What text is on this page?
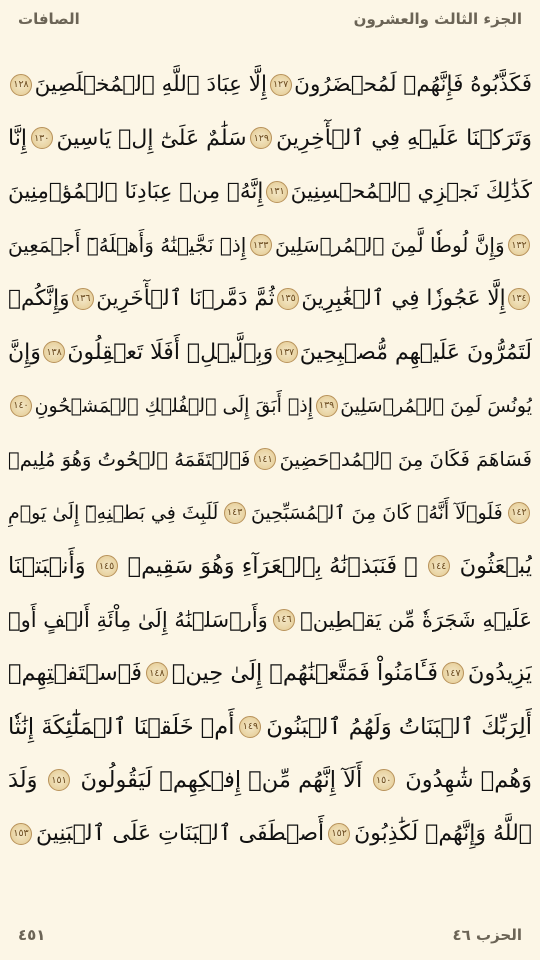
الجزء الثالث والعشرون
الصافات
فَكَذَّبُوهُ فَإِنَّهُمۡ لَمُحۡضَرُونَ
١٢٧
إِلَّا عِبَادَ ٱللَّهِ ٱلۡمُخۡلَصِينَ
١٢٨
وَتَرَكۡنَا عَلَيۡهِ فِي ٱلۡأٓخِرِينَ
١٢٩
سَلَٰمٌ عَلَىٰٓ إِلۡ يَاسِينَ
١٣٠
إِنَّا
كَذَٰلِكَ نَجۡزِي ٱلۡمُحۡسِنِينَ
١٣١
إِنَّهُۥ مِنۡ عِبَادِنَا ٱلۡمُؤۡمِنِينَ
١٣٢
وَإِنَّ لُوطٗا لَّمِنَ ٱلۡمُرۡسَلِينَ
١٣٣
إِذۡ نَجَّيۡنَٰهُ وَأَهۡلَهُۥٓ أَجۡمَعِينَ
١٣٤
إِلَّا عَجُوزٗا فِي ٱلۡغَٰبِرِينَ
١٣٥
ثُمَّ دَمَّرۡنَا ٱلۡأٓخَرِينَ
١٣٦
وَإِنَّكُمۡ
لَتَمُرُّونَ عَلَيۡهِم مُّصۡبِحِينَ
١٣٧
وَبِٱلَّيۡلِۚ أَفَلَا تَعۡقِلُونَ
١٣٨
وَإِنَّ
يُونُسَ لَمِنَ ٱلۡمُرۡسَلِينَ
١٣٩
إِذۡ أَبَقَ إِلَى ٱلۡفُلۡكِ ٱلۡمَشۡحُونِ
١٤٠
فَسَاهَمَ فَكَانَ مِنَ ٱلۡمُدۡحَضِينَ
١٤١
فَٱلۡتَقَمَهُ ٱلۡحُوتُ وَهُوَ مُلِيمٞ
١٤٢
فَلَوۡلَآ أَنَّهُۥ كَانَ مِنَ ٱلۡمُسَبِّحِينَ
١٤٣
لَلَبِثَ فِي بَطۡنِهِۦٓ إِلَىٰ يَوۡمِ
يُبۡعَثُونَ
١٤٤
۞ فَنَبَذۡنَٰهُ بِٱلۡعَرَآءِ وَهُوَ سَقِيمٞ
١٤٥
وَأَنۢبَتۡنَا
عَلَيۡهِ شَجَرَةٗ مِّن يَقۡطِينٖ
١٤٦
وَأَرۡسَلۡنَٰهُ إِلَىٰ مِاْئَةِ أَلۡفٍ أَوۡ
يَزِيدُونَ
١٤٧
فَـَٔامَنُواْ فَمَتَّعۡنَٰهُمۡ إِلَىٰ حِينٖ
١٤٨
فَٱسۡتَفۡتِهِمۡ
أَلِرَبِّكَ ٱلۡبَنَاتُ وَلَهُمُ ٱلۡبَنُونَ
١٤٩
أَمۡ خَلَقۡنَا ٱلۡمَلَٰٓئِكَةَ إِنَٰثٗا
وَهُمۡ شَٰهِدُونَ
١٥٠
أَلَآ إِنَّهُم مِّنۡ إِفۡكِهِمۡ لَيَقُولُونَ
١٥١
وَلَدَ
ٱللَّهُ وَإِنَّهُمۡ لَكَٰذِبُونَ
١٥٢
أَصۡطَفَى ٱلۡبَنَاتِ عَلَى ٱلۡبَنِينَ
١٥٣
الحزب ٤٦
٤٥١
